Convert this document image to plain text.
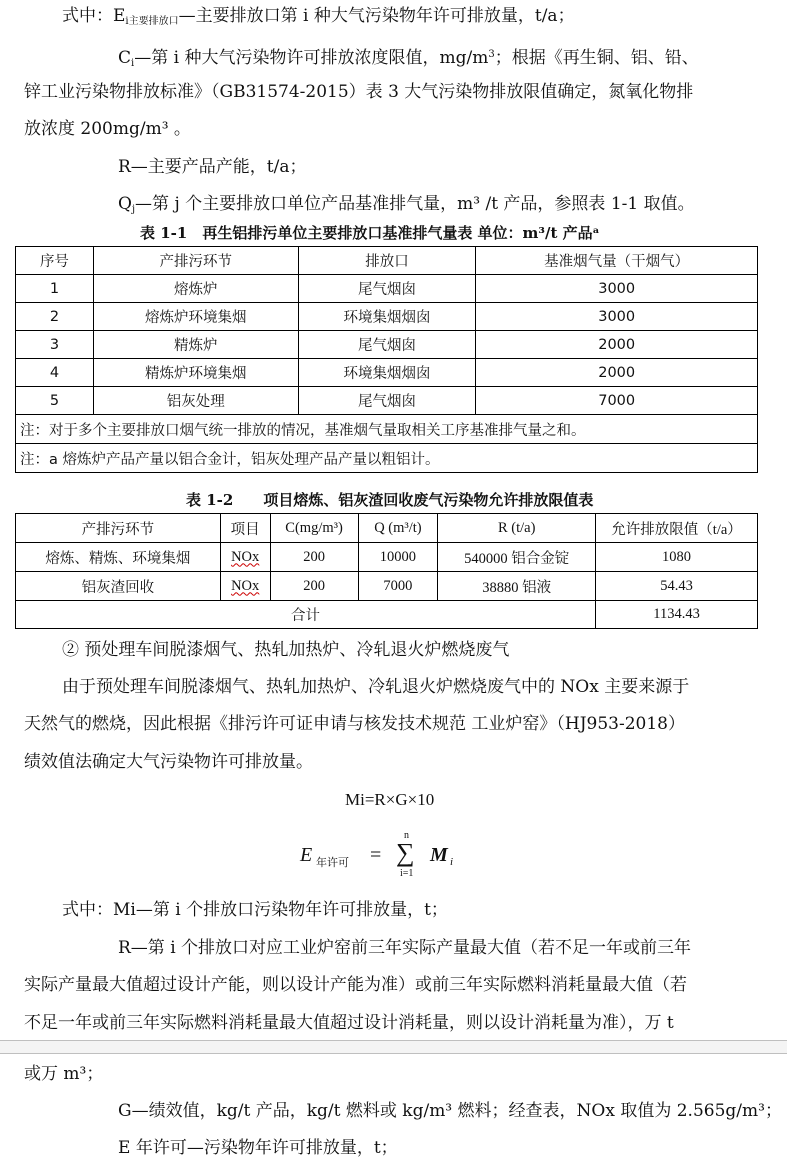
式中：$E_{i主要排放口}—$主要排放口第 i 种大气污染物年许可排放量，t/a；
$C_i—$第 i 种大气污染物许可排放浓度限值，$mg/m^3$；根据《再生铜、铝、铅、
锌工业污染物排放标准》（GB31574-2015）表 3 大气污染物排放限值确定，氮氧化物排
放浓度 200mg/m³ 。
R—主要产品产能，t/a；
$Q_j—$第 j 个主要排放口单位产品基准排气量，m³ /t 产品，参照表 1-1 取值。
表 1-1　再生铝排污单位主要排放口基准排气量表 单位：m³/t 产品ᵃ
序号	产排污环节	排放口	基准烟气量（干烟气）
1	熔炼炉	尾气烟囱	3000
2	熔炼炉环境集烟	环境集烟烟囱	3000
3	精炼炉	尾气烟囱	2000
4	精炼炉环境集烟	环境集烟烟囱	2000
5	铝灰处理	尾气烟囱	7000
注：对于多个主要排放口烟气统一排放的情况，基准烟气量取相关工序基准排气量之和。			
注：a 熔炼炉产品产量以铝合金计，铝灰处理产品产量以粗铝计。			
表 1-2　　项目熔炼、铝灰渣回收废气污染物允许排放限值表
产排污环节	项目	C(mg/m³)	Q (m³/t)	R (t/a)	允许排放限值（t/a）
熔炼、精炼、环境集烟	NOx	200	10000	540000 铝合金锭	1080
铝灰渣回收	NOx	200	7000	38880 铝液	54.43
合计					1134.43
② 预处理车间脱漆烟气、热轧加热炉、冷轧退火炉燃烧废气
由于预处理车间脱漆烟气、热轧加热炉、冷轧退火炉燃烧废气中的 NOx 主要来源于
天然气的燃烧，因此根据《排污许可证申请与核发技术规范 工业炉窑》（HJ953-2018）
绩效值法确定大气污染物许可排放量。
Mi=R×G×10
E 年许可 =
n
∑
i=1
M i
式中：Mi—第 i 个排放口污染物年许可排放量，t；
R—第 i 个排放口对应工业炉窑前三年实际产量最大值（若不足一年或前三年
实际产量最大值超过设计产能，则以设计产能为准）或前三年实际燃料消耗量最大值（若
不足一年或前三年实际燃料消耗量最大值超过设计消耗量，则以设计消耗量为准），万 t
或万 m³；
G—绩效值，kg/t 产品，kg/t 燃料或 kg/m³ 燃料；经查表，NOx 取值为 2.565g/m³；
E 年许可—污染物年许可排放量，t；
